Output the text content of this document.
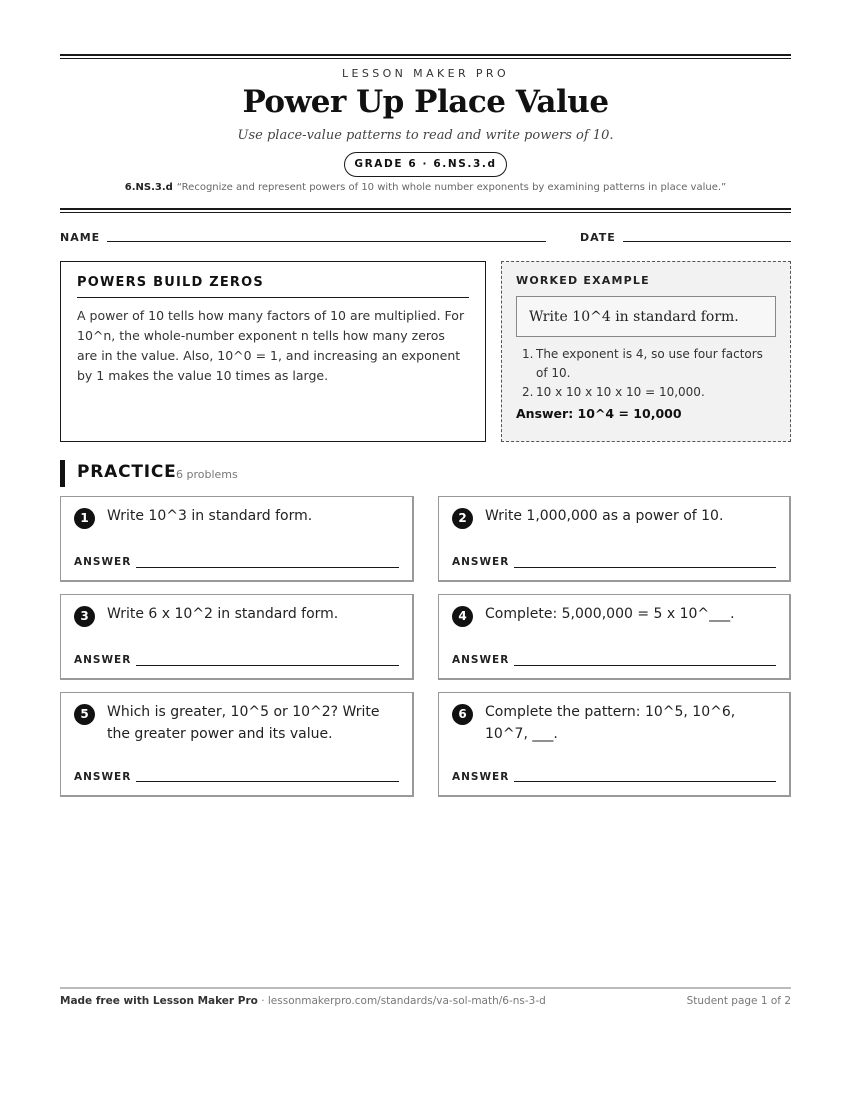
LESSON MAKER PRO
Power Up Place Value
Use place-value patterns to read and write powers of 10.
GRADE 6 · 6.NS.3.d
6.NS.3.d “Recognize and represent powers of 10 with whole number exponents by examining patterns in place value.”
NAME	DATE
POWERS BUILD ZEROS

A power of 10 tells how many factors of 10 are multiplied. For 10^n, the whole-number exponent n tells how many zeros are in the value. Also, 10^0 = 1, and increasing an exponent by 1 makes the value 10 times as large.

WORKED EXAMPLE
Write 10^4 in standard form.
1. The exponent is 4, so use four factors of 10.
2. 10 x 10 x 10 x 10 = 10,000.
Answer: 10^4 = 10,000
PRACTICE 6 problems
1	Write 10^3 in standard form.
ANSWER
2	Write 1,000,000 as a power of 10.
ANSWER
3	Write 6 x 10^2 in standard form.
ANSWER
4	Complete: 5,000,000 = 5 x 10^___.
ANSWER
5	Which is greater, 10^5 or 10^2? Write the greater power and its value.
ANSWER
6	Complete the pattern: 10^5, 10^6, 10^7, ___.
ANSWER
Made free with Lesson Maker Pro · lessonmakerpro.com/standards/va-sol-math/6-ns-3-d	Student page 1 of 2
